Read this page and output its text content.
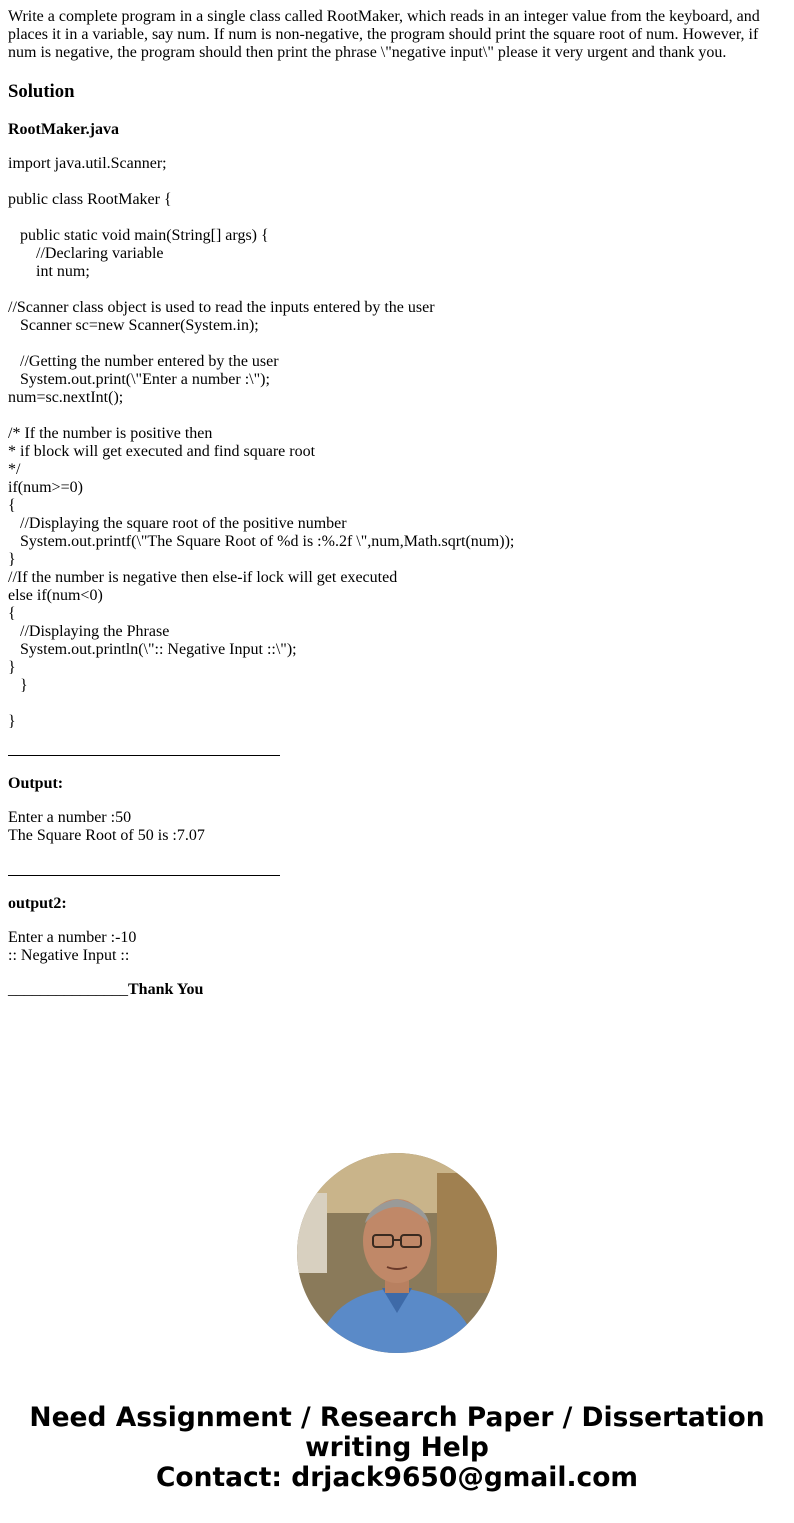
Write a complete program in a single class called RootMaker, which reads in an integer value from the keyboard, and places it in a variable, say num. If num is non-negative, the program should print the square root of num. However, if num is negative, the program should then print the phrase \"negative input\" please it very urgent and thank you.

Solution

RootMaker.java

import java.util.Scanner;

public class RootMaker {

public static void main(String[] args) {
//Declaring variable
int num;

//Scanner class object is used to read the inputs entered by the user
Scanner sc=new Scanner(System.in);

//Getting the number entered by the user
System.out.print(\"Enter a number :\");
num=sc.nextInt();

/* If the number is positive then
* if block will get executed and find square root
*/
if(num>=0)
{
//Displaying the square root of the positive number
System.out.printf(\"The Square Root of %d is :%.2f \",num,Math.sqrt(num));
}
//If the number is negative then else-if lock will get executed
else if(num<0)
{
//Displaying the Phrase
System.out.println(\":: Negative Input ::\");
}
}

}

Output:

Enter a number :50
The Square Root of 50 is :7.07

output2:

Enter a number :-10
:: Negative Input ::

_______________Thank You

Need Assignment / Research Paper / Dissertation
writing Help
Contact: drjack9650@gmail.com
